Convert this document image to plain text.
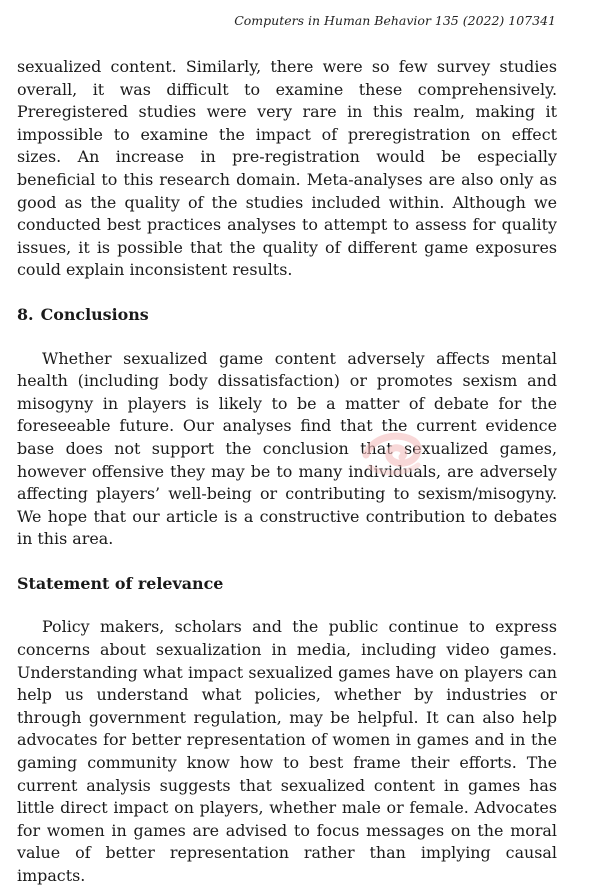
Computers in Human Behavior 135 (2022) 107341

sexualized content. Similarly, there were so few survey studies overall, it was difficult to examine these comprehensively. Preregistered studies were very rare in this realm, making it impossible to examine the impact of preregistration on effect sizes. An increase in pre-registration would be especially beneficial to this research domain. Meta-analyses are also only as good as the quality of the studies included within. Although we conducted best practices analyses to attempt to assess for quality issues, it is possible that the quality of different game exposures could explain inconsistent results.

8. Conclusions

Whether sexualized game content adversely affects mental health (including body dissatisfaction) or promotes sexism and misogyny in players is likely to be a matter of debate for the foreseeable future. Our analyses find that the current evidence base does not support the conclusion that sexualized games, however offensive they may be to many individuals, are adversely affecting players’ well-being or contributing to sexism/misogyny. We hope that our article is a constructive contribution to debates in this area.

Statement of relevance

Policy makers, scholars and the public continue to express concerns about sexualization in media, including video games. Understanding what impact sexualized games have on players can help us understand what policies, whether by industries or through government regulation, may be helpful. It can also help advocates for better representation of women in games and in the gaming community know how to best frame their efforts. The current analysis suggests that sexualized content in games has little direct impact on players, whether male or female. Advocates for women in games are advised to focus messages on the moral value of better representation rather than implying causal impacts.
